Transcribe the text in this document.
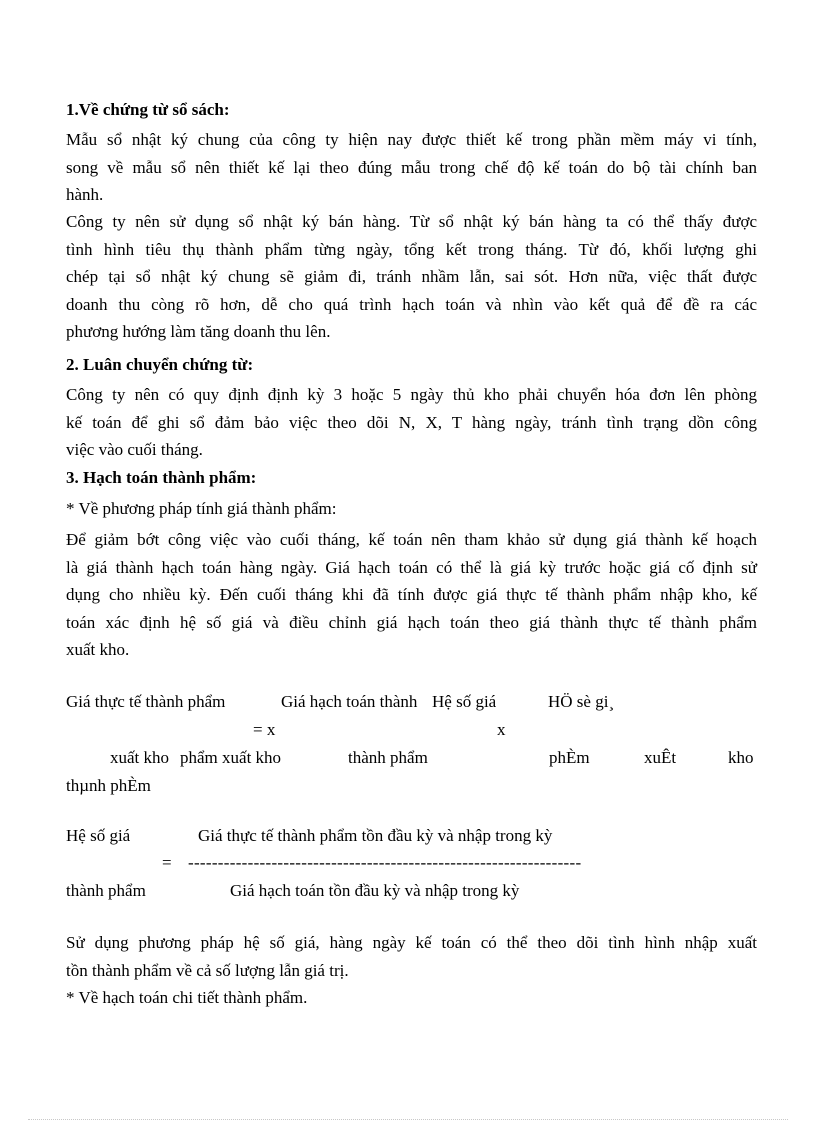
1.Về chứng từ sổ sách:
Mẫu sổ nhật ký chung của công ty hiện nay được thiết kế trong phần mềm máy vi tính,
song về mẫu sổ nên thiết kế lại theo đúng mẫu trong chế độ kế toán do bộ tài chính ban
hành.
Công ty nên sử dụng sổ nhật ký bán hàng. Từ sổ nhật ký bán hàng ta có thể thấy được
tình hình tiêu thụ thành phẩm từng ngày, tổng kết trong tháng. Từ đó, khối lượng ghi
chép tại sổ nhật ký chung sẽ giảm đi, tránh nhầm lẫn, sai sót. Hơn nữa, việc thất được
doanh thu còng rõ hơn, dễ cho quá trình hạch toán và nhìn vào kết quả để đề ra các
phương hướng làm tăng doanh thu lên.
2. Luân chuyển chứng từ:
Công ty nên có quy định định kỳ 3 hoặc 5 ngày thủ kho phải chuyển hóa đơn lên phòng
kế toán để ghi sổ đảm bảo việc theo dõi N, X, T hàng ngày, tránh tình trạng dồn công
việc vào cuối tháng.
3. Hạch toán thành phẩm:
* Về phương pháp tính giá thành phẩm:
Để giảm bớt công việc vào cuối tháng, kế toán nên tham khảo sử dụng giá thành kế hoạch
là giá thành hạch toán hàng ngày. Giá hạch toán có thể là giá kỳ trước hoặc giá cố định sử
dụng cho nhiều kỳ. Đến cuối tháng khi đã tính được giá thực tế thành phẩm nhập kho, kế
toán xác định hệ số giá và điều chỉnh giá hạch toán theo giá thành thực tế thành phẩm
xuất kho.
Giá thực tế thành phẩm	Giá hạch toán thành Hệ số giá	HÖ sè gi¸
= x	x
xuất kho phẩm xuất kho	thành phẩm	phÈm	xuÊt	kho
thµnh phÈm
Hệ số giá	Giá thực tế thành phẩm tồn đầu kỳ và nhập trong kỳ
= ------------------------------------------------------------------
thành phẩm	Giá hạch toán tồn đầu kỳ và nhập trong kỳ
Sử dụng phương pháp hệ số giá, hàng ngày kế toán có thể theo dõi tình hình nhập xuất
tồn thành phẩm về cả số lượng lẫn giá trị.
* Về hạch toán chi tiết thành phẩm.
